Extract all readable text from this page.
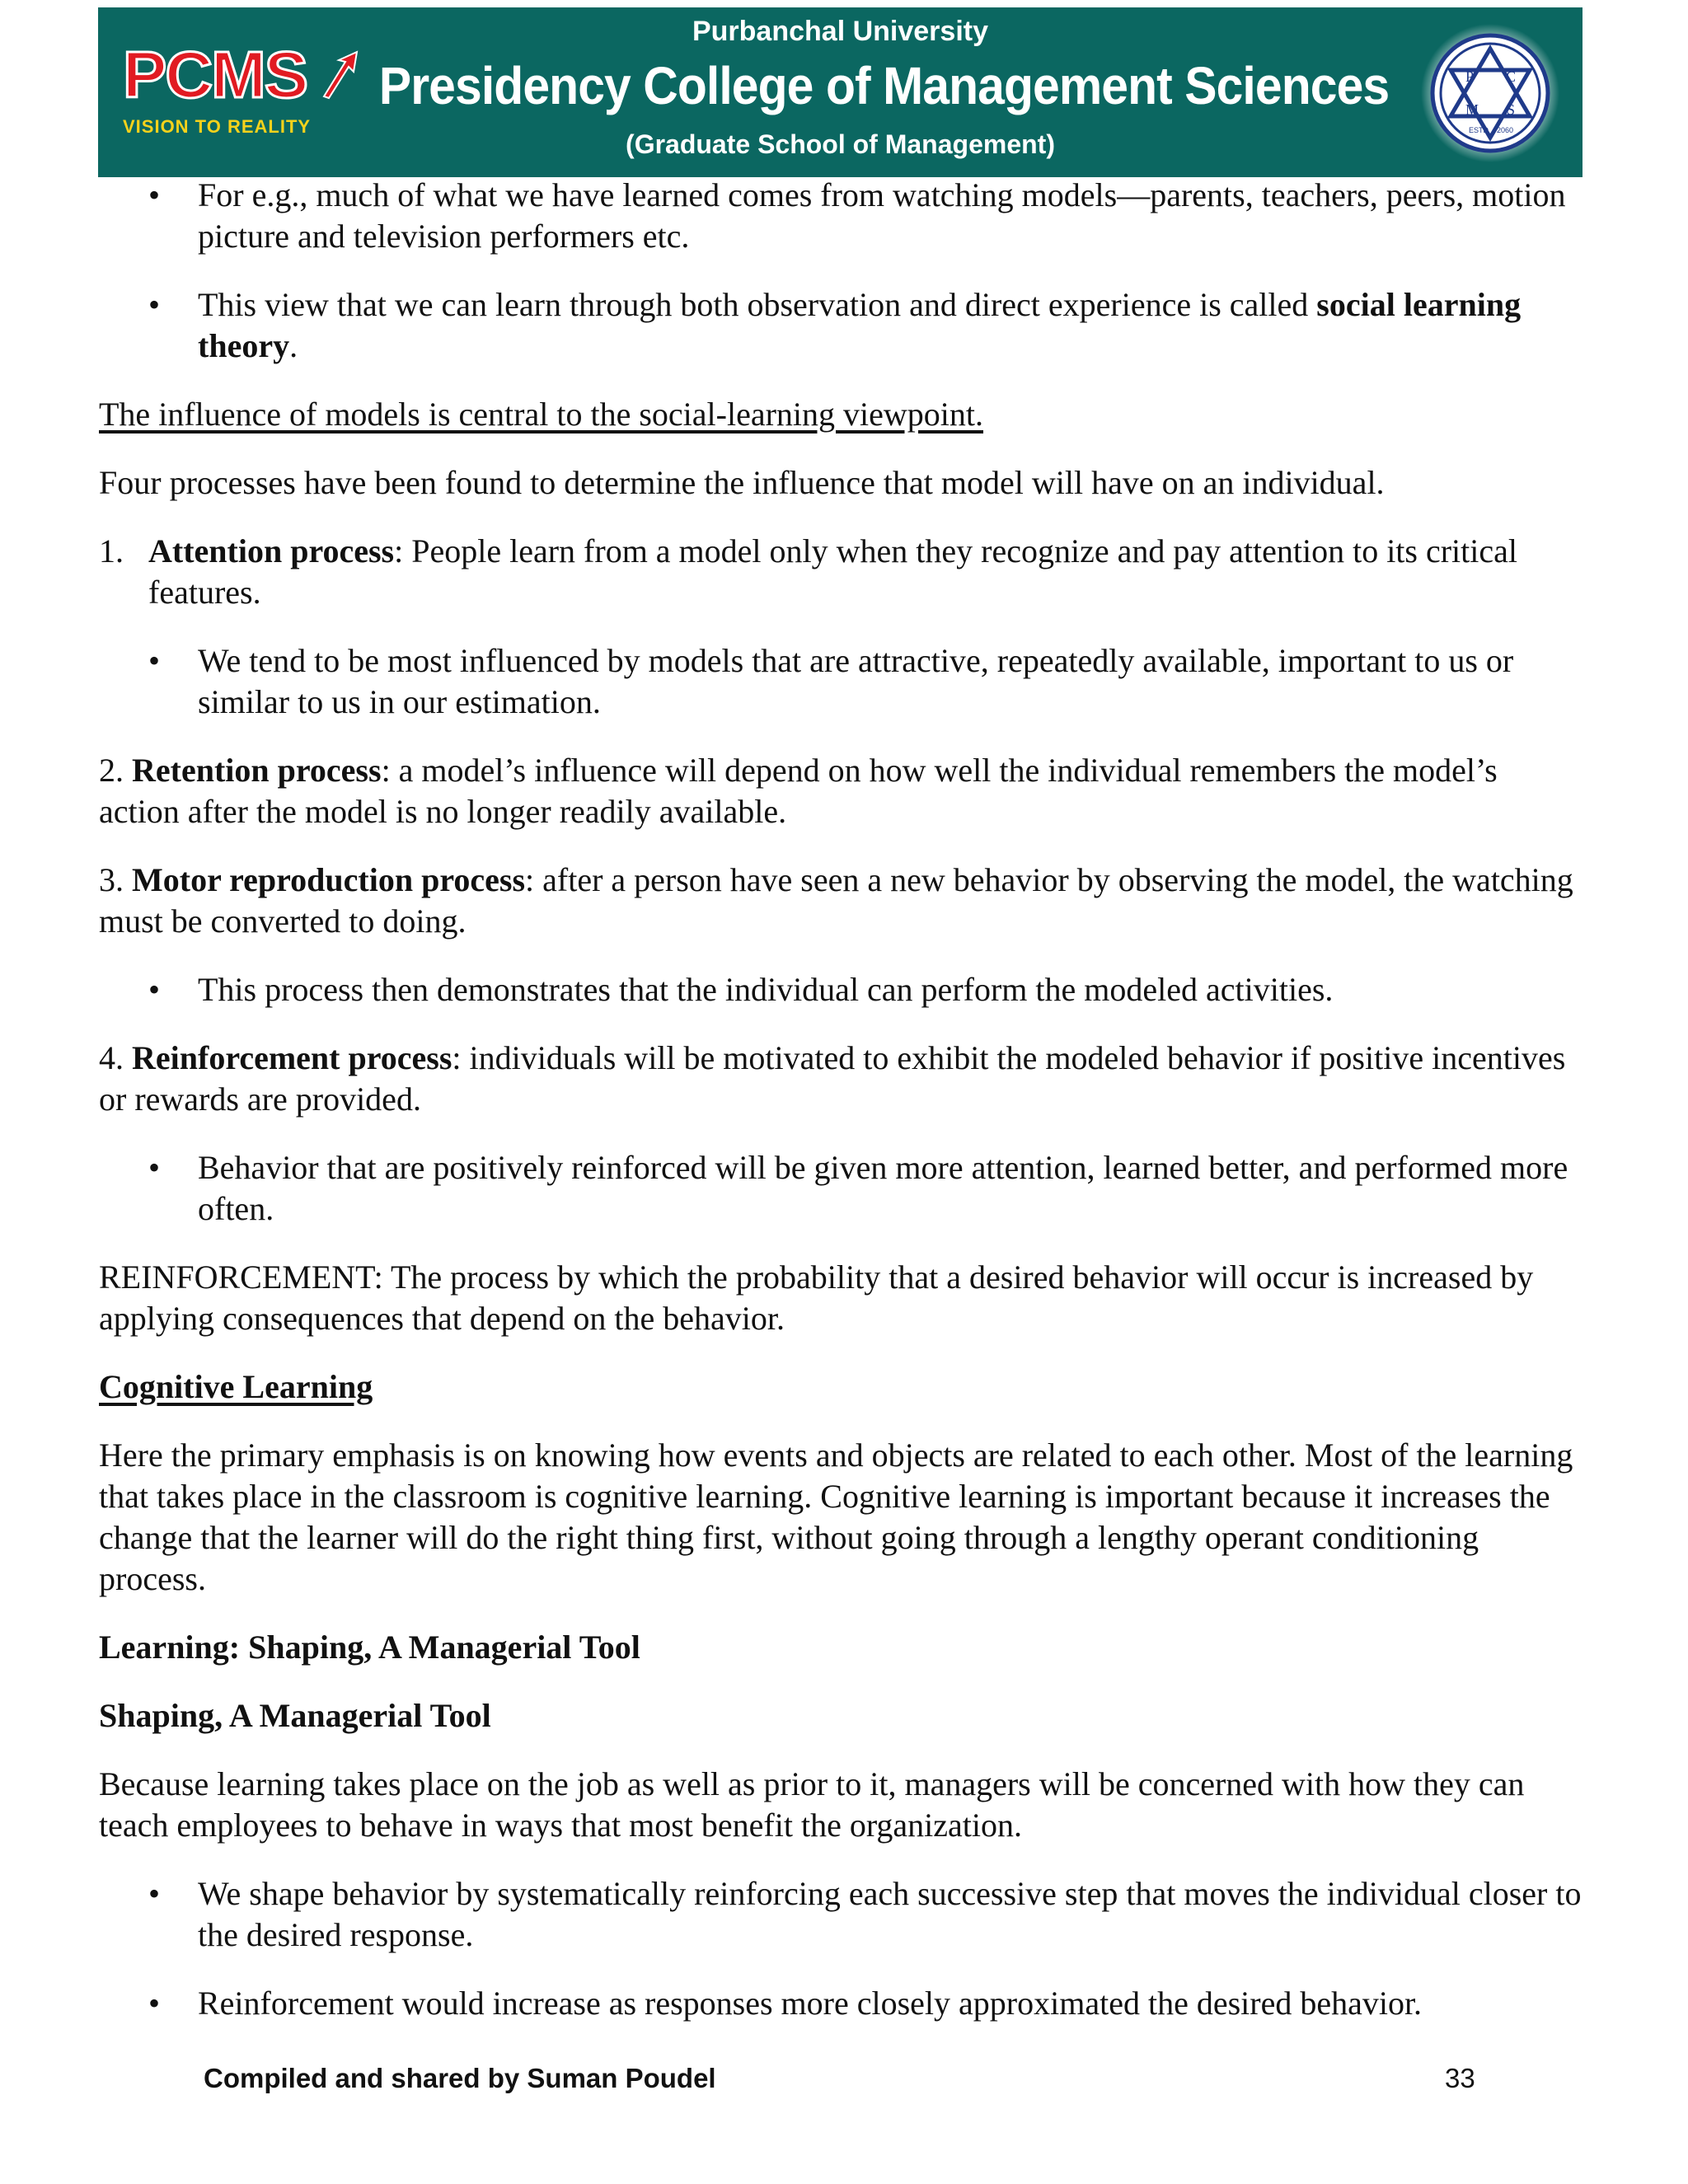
PCMS
VISION TO REALITY
Purbanchal University
Presidency College of Management Sciences
(Graduate School of Management)
P C
M S
ESTD 2060
• For e.g., much of what we have learned comes from watching models—parents, teachers, peers, motion picture and television performers etc.
• This view that we can learn through both observation and direct experience is called social learning theory.

The influence of models is central to the social-learning viewpoint.

Four processes have been found to determine the influence that model will have on an individual.

1. Attention process: People learn from a model only when they recognize and pay attention to its critical features.
• We tend to be most influenced by models that are attractive, repeatedly available, important to us or similar to us in our estimation.

2. Retention process: a model’s influence will depend on how well the individual remembers the model’s action after the model is no longer readily available.

3. Motor reproduction process: after a person have seen a new behavior by observing the model, the watching must be converted to doing.

• This process then demonstrates that the individual can perform the modeled activities.

4. Reinforcement process: individuals will be motivated to exhibit the modeled behavior if positive incentives or rewards are provided.

• Behavior that are positively reinforced will be given more attention, learned better, and performed more often.

REINFORCEMENT: The process by which the probability that a desired behavior will occur is increased by applying consequences that depend on the behavior.

Cognitive Learning

Here the primary emphasis is on knowing how events and objects are related to each other. Most of the learning that takes place in the classroom is cognitive learning. Cognitive learning is important because it increases the change that the learner will do the right thing first, without going through a lengthy operant conditioning process.

Learning: Shaping, A Managerial Tool

Shaping, A Managerial Tool

Because learning takes place on the job as well as prior to it, managers will be concerned with how they can teach employees to behave in ways that most benefit the organization.

• We shape behavior by systematically reinforcing each successive step that moves the individual closer to the desired response.
• Reinforcement would increase as responses more closely approximated the desired behavior.
Compiled and shared by Suman Poudel	33
